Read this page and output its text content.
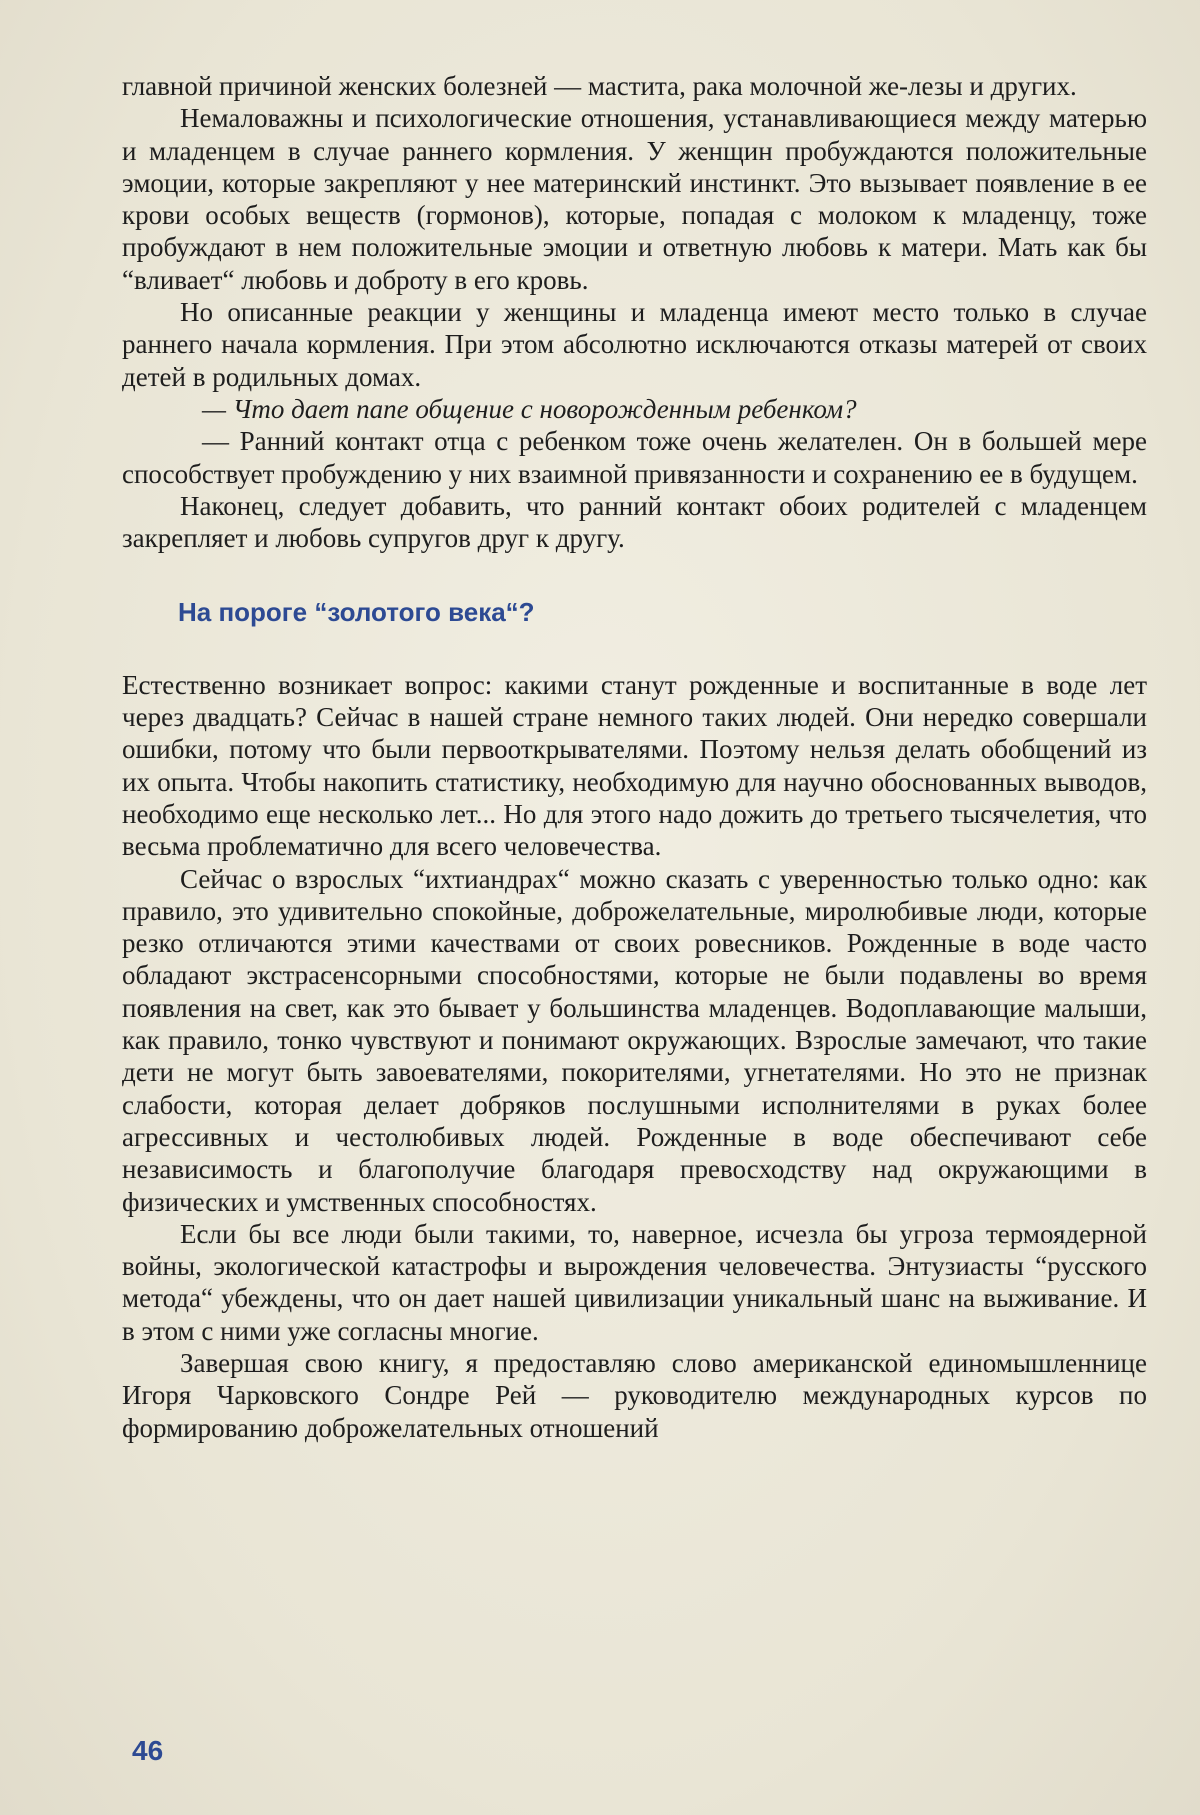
главной причиной женских болезней — мастита, рака молочной же-лезы и других.

Немаловажны и психологические отношения, устанавливающиеся между матерью и младенцем в случае раннего кормления. У женщин пробуждаются положительные эмоции, которые закрепляют у нее материнский инстинкт. Это вызывает появление в ее крови особых веществ (гормонов), которые, попадая с молоком к младенцу, тоже пробуждают в нем положительные эмоции и ответную любовь к матери. Мать как бы “вливает“ любовь и доброту в его кровь.

Но описанные реакции у женщины и младенца имеют место только в случае раннего начала кормления. При этом абсолютно исключаются отказы матерей от своих детей в родильных домах.

— Что дает папе общение с новорожденным ребенком?

— Ранний контакт отца с ребенком тоже очень желателен. Он в большей мере способствует пробуждению у них взаимной привязанности и сохранению ее в будущем.

Наконец, следует добавить, что ранний контакт обоих родителей с младенцем закрепляет и любовь супругов друг к другу.

На пороге “золотого века“?

Естественно возникает вопрос: какими станут рожденные и воспитанные в воде лет через двадцать? Сейчас в нашей стране немного таких людей. Они нередко совершали ошибки, потому что были первооткрывателями. Поэтому нельзя делать обобщений из их опыта. Чтобы накопить статистику, необходимую для научно обоснованных выводов, необходимо еще несколько лет... Но для этого надо дожить до третьего тысячелетия, что весьма проблематично для всего человечества.

Сейчас о взрослых “ихтиандрах“ можно сказать с уверенностью только одно: как правило, это удивительно спокойные, доброжелательные, миролюбивые люди, которые резко отличаются этими качествами от своих ровесников. Рожденные в воде часто обладают экстрасенсорными способностями, которые не были подавлены во время появления на свет, как это бывает у большинства младенцев. Водоплавающие малыши, как правило, тонко чувствуют и понимают окружающих. Взрослые замечают, что такие дети не могут быть завоевателями, покорителями, угнетателями. Но это не признак слабости, которая делает добряков послушными исполнителями в руках более агрессивных и честолюбивых людей. Рожденные в воде обеспечивают себе независимость и благополучие благодаря превосходству над окружающими в физических и умственных способностях.

Если бы все люди были такими, то, наверное, исчезла бы угроза термоядерной войны, экологической катастрофы и вырождения человечества. Энтузиасты “русского метода“ убеждены, что он дает нашей цивилизации уникальный шанс на выживание. И в этом с ними уже согласны многие.

Завершая свою книгу, я предоставляю слово американской единомышленнице Игоря Чарковского Сондре Рей — руководителю международных курсов по формированию доброжелательных отношений

46
